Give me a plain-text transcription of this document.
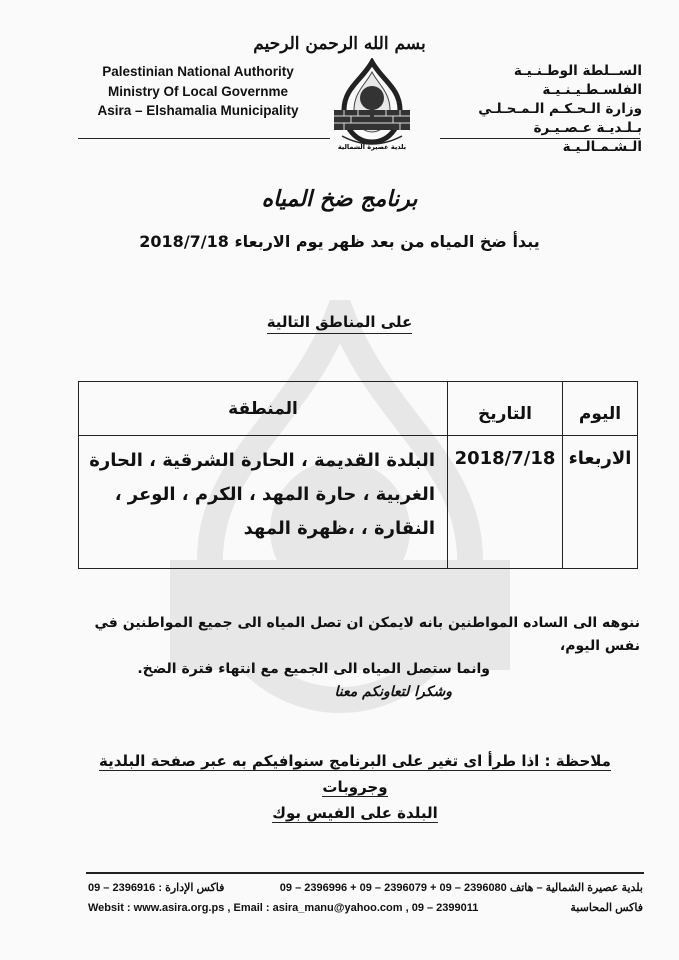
بسم الله الرحمن الرحيم
Palestinian National Authority
Ministry Of Local Governme
Asira – Elshamalia Municipality
الســلطة الوطـنـيـة الفلسـطـيـنـيـة
وزارة الـحـكـم الـمـحـلـي
بـلـديـة عـصـيـرة الـشـمـالـيـة
بلدية عصيرة الشمالية
برنامج ضخ المياه
يبدأ ضخ المياه من بعد ظهر يوم الاربعاء 2018/7/18
على المناطق التالية
اليوم	التاريخ	المنطقة
الاربعاء	2018/7/18	البلدة القديمة ، الحارة الشرقية ، الحارة
الغربية ، حارة المهد ، الكرم ، الوعر ،
النقارة ، ،ظهرة المهد
ننوهه الى الساده المواطنين بانه لايمكن ان تصل المياه الى جميع المواطنين في نفس اليوم،
وانما ستصل المياه الى الجميع مع انتهاء فترة الضخ.
وشكرا لتعاونكم معنا
ملاحظة : اذا طرأ اى تغير على البرنامج سنوافيكم به عبر صفحة البلدية وجروبات
البلدة على الفيس بوك
09 – 2396916 : فاكس الإدارة	بلدية عصيرة الشمالية – هاتف 2396080 – 09 + 2396079 – 09 + 2396996 – 09
Websit : www.asira.org.ps , Email : asira_manu@yahoo.com , 09 – 2399011	فاكس المحاسبة
